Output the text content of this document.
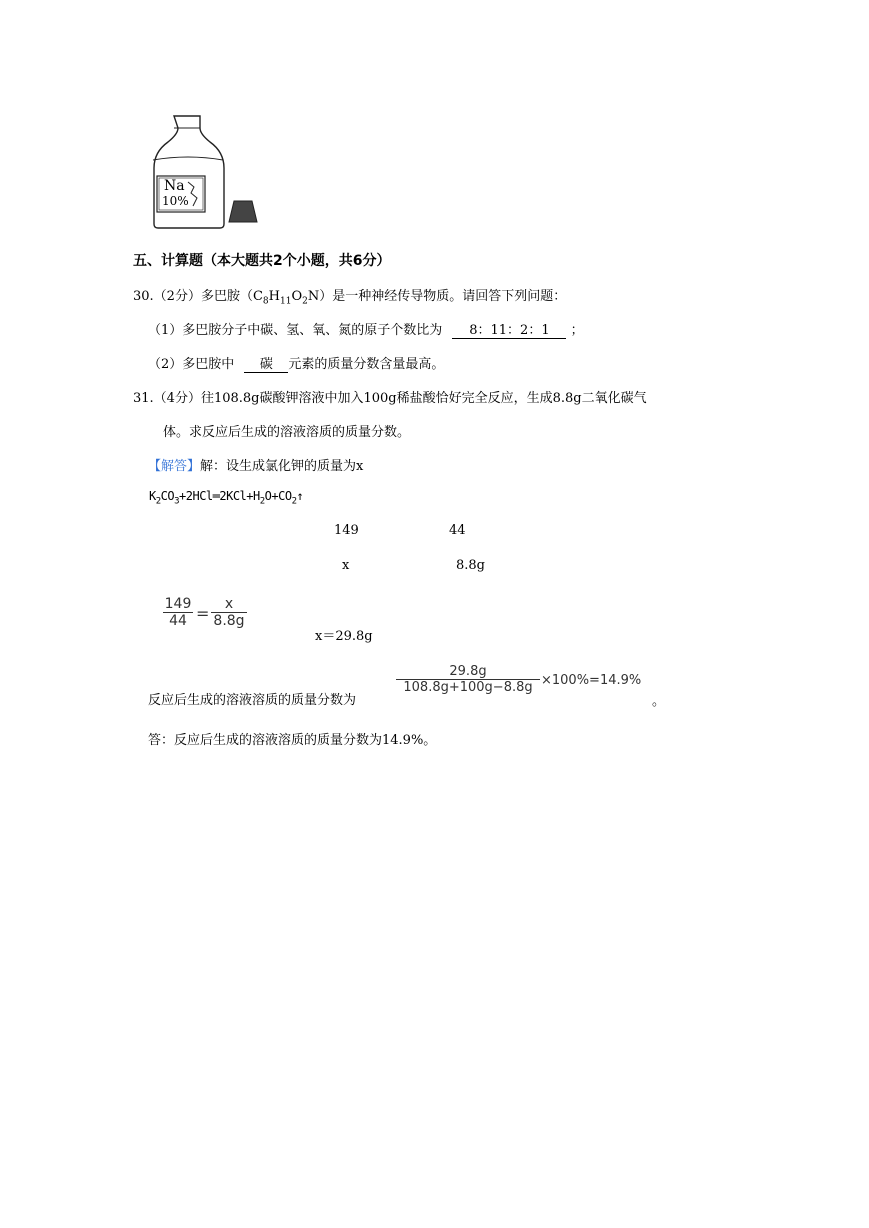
Na
10%
五、计算题（本大题共2个小题，共6分）
30.（2分）多巴胺$(C_8H_{11}O_2N)$是一种神经传导物质。请回答下列问题：
（1）多巴胺分子中碳、氢、氧、氮的原子个数比为 8：11：2：1 ；
（2）多巴胺中 碳 元素的质量分数含量最高。
31.（4分）往108.8g碳酸钾溶液中加入100g稀盐酸恰好完全反应，生成8.8g二氧化碳气
体。求反应后生成的溶液溶质的质量分数。
【解答】解：设生成氯化钾的质量为x
$K_2CO_3+2HCl═2KCl+H_2O+CO_2↑$
149	44
x	8.8g
149
44 =	x
8.8g
x＝29.8g
反应后生成的溶液溶质的质量分数为
29.8g
108.8g+100g−8.8g ×100%=14.9%
。
答：反应后生成的溶液溶质的质量分数为14.9%。
